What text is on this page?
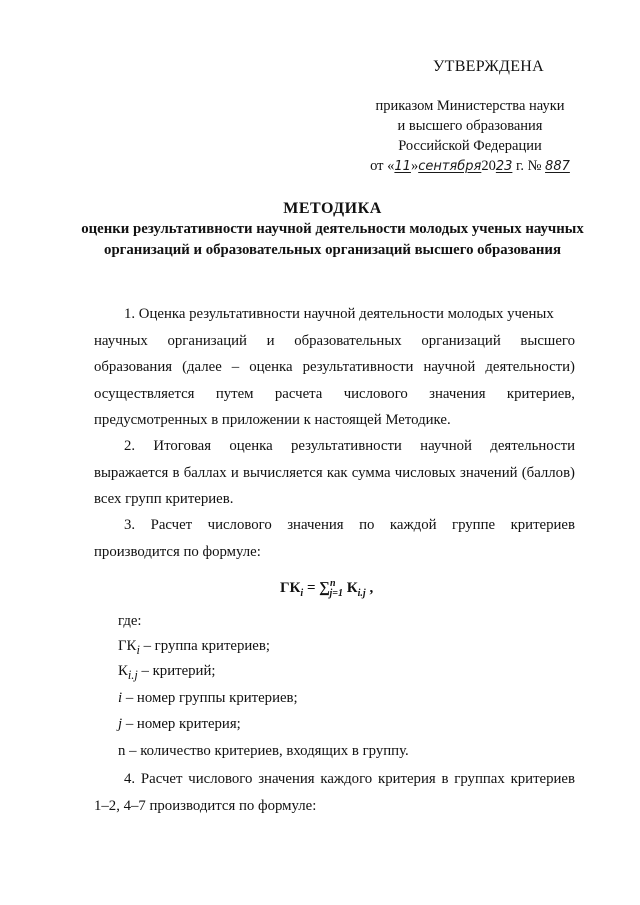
УТВЕРЖДЕНА
приказом Министерства науки
и высшего образования
Российской Федерации
от «11»сентября2023 г. № 887
МЕТОДИКА
оценки результативности научной деятельности молодых ученых научных организаций и образовательных организаций высшего образования
1. Оценка результативности научной деятельности молодых ученых
научных организаций и образовательных организаций высшего
образования (далее – оценка результативности научной деятельности)
осуществляется путем расчета числового значения критериев,
предусмотренных в приложении к настоящей Методике.
2. Итоговая оценка результативности научной деятельности
выражается в баллах и вычисляется как сумма числовых значений (баллов)
всех групп критериев.
3. Расчет числового значения по каждой группе критериев
производится по формуле:
$ГК_i = \sum^n_{j=1}$ $К_{i.j}$ ,
где:
$ГК_i$ – группа критериев;
$К_{i.j}$ – критерий;
i – номер группы критериев;
j – номер критерия;
n – количество критериев, входящих в группу.
4. Расчет числового значения каждого критерия в группах критериев
1–2, 4–7 производится по формуле:
